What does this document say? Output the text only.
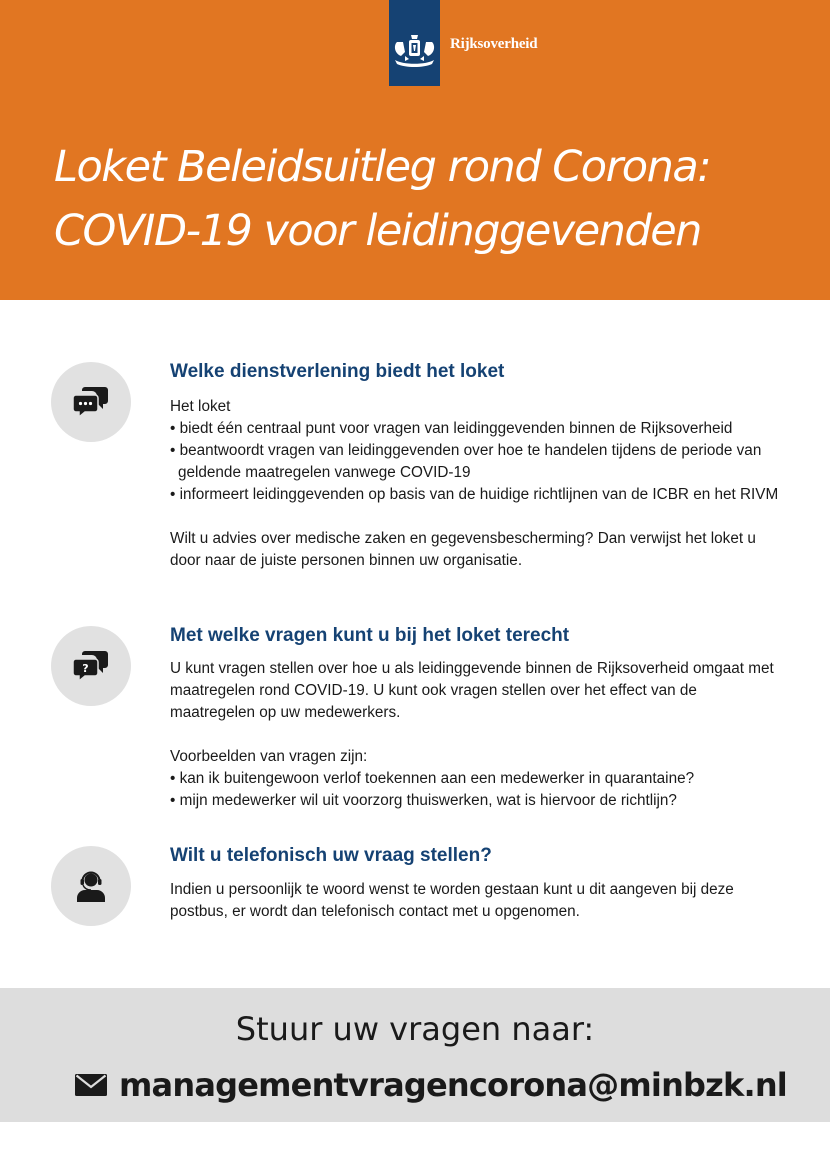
Rijksoverheid
Loket Beleidsuitleg rond Corona:
COVID-19 voor leidinggevenden
Welke dienstverlening biedt het loket

Het loket

• biedt één centraal punt voor vragen van leidinggevenden binnen de Rijksoverheid

• beantwoordt vragen van leidinggevenden over hoe te handelen tijdens de periode van geldende maatregelen vanwege COVID-19

• informeert leidinggevenden op basis van de huidige richtlijnen van de ICBR en het RIVM

Wilt u advies over medische zaken en gegevensbescherming? Dan verwijst het loket u door naar de juiste personen binnen uw organisatie.

?
Met welke vragen kunt u bij het loket terecht

U kunt vragen stellen over hoe u als leidinggevende binnen de Rijksoverheid omgaat met maatregelen rond COVID-19. U kunt ook vragen stellen over het effect van de maatregelen op uw medewerkers.

Voorbeelden van vragen zijn:

• kan ik buitengewoon verlof toekennen aan een medewerker in quarantaine?

• mijn medewerker wil uit voorzorg thuiswerken, wat is hiervoor de richtlijn?

Wilt u telefonisch uw vraag stellen?

Indien u persoonlijk te woord wenst te worden gestaan kunt u dit aangeven bij deze postbus, er wordt dan telefonisch contact met u opgenomen.

Stuur uw vragen naar:
managementvragencorona@minbzk.nl
